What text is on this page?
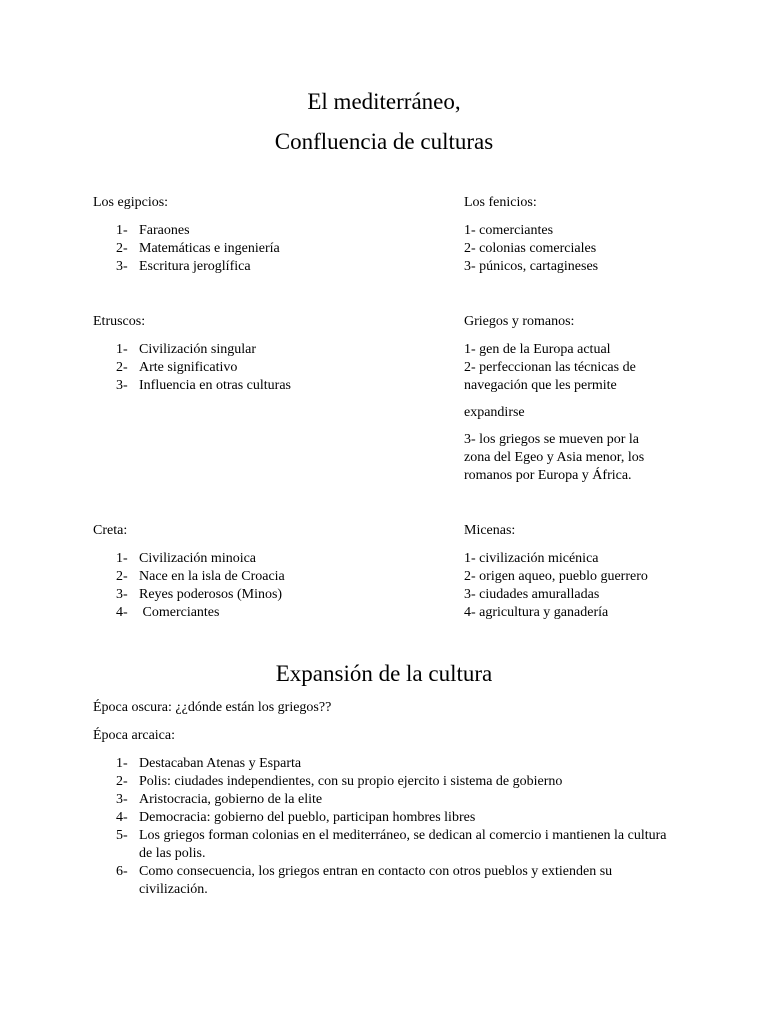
El mediterráneo,
Confluencia de culturas
Los egipcios:
1- Faraones
2- Matemáticas e ingeniería
3- Escritura jeroglífica
Los fenicios:
1- comerciantes
2- colonias comerciales
3- púnicos, cartagineses
Etruscos:
1- Civilización singular
2- Arte significativo
3- Influencia en otras culturas
Griegos y romanos:
1- gen de la Europa actual
2- perfeccionan las técnicas de
navegación que les permite
expandirse
3- los griegos se mueven por la
zona del Egeo y Asia menor, los
romanos por Europa y África.
Creta:
1- Civilización minoica
2- Nace en la isla de Croacia
3- Reyes poderosos (Minos)
4- Comerciantes
Micenas:
1- civilización micénica
2- origen aqueo, pueblo guerrero
3- ciudades amuralladas
4- agricultura y ganadería
Expansión de la cultura
Época oscura: ¿¿dónde están los griegos??
Época arcaica:
1- Destacaban Atenas y Esparta
2- Polis: ciudades independientes, con su propio ejercito i sistema de gobierno
3- Aristocracia, gobierno de la elite
4- Democracia: gobierno del pueblo, participan hombres libres
5- Los griegos forman colonias en el mediterráneo, se dedican al comercio i mantienen la cultura de las polis.
6- Como consecuencia, los griegos entran en contacto con otros pueblos y extienden su civilización.
